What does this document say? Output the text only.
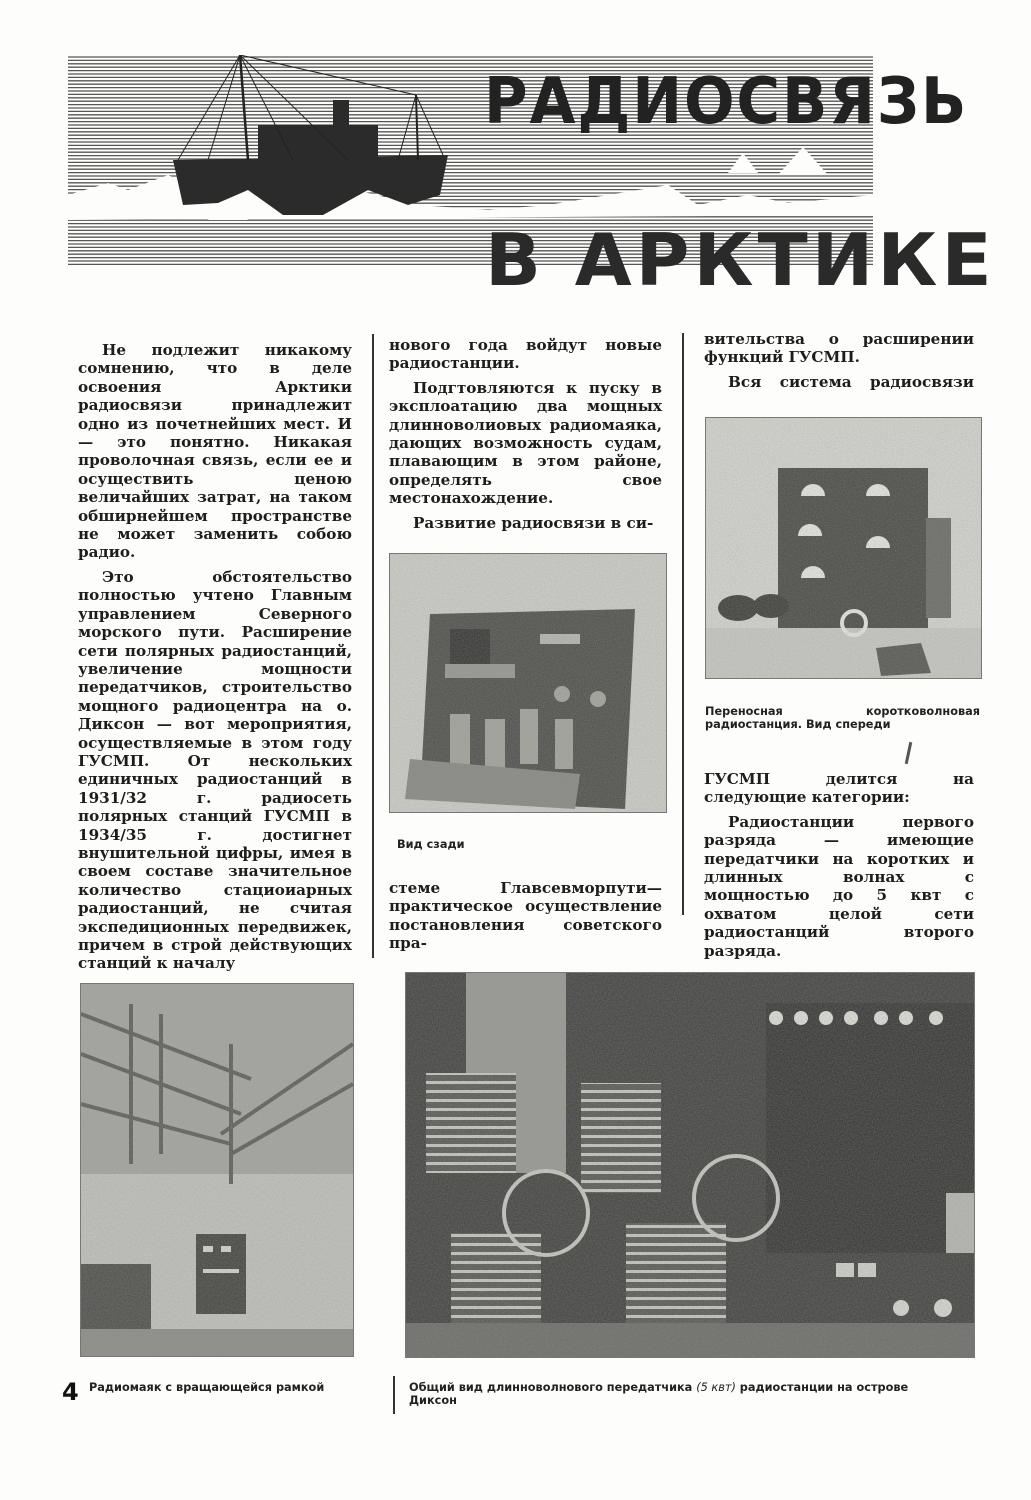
РАДИОСВЯЗЬ
В АРКТИКЕ

Не подлежит никакому сомнению, что в деле освоения Арктики радиосвязи принадлежит одно из почетнейших мест. И — это понятно. Никакая проволочная связь, если ее и осуществить ценою величайших затрат, на таком обширнейшем пространстве не может заменить собою радио.

Это обстоятельство полностью учтено Главным управлением Северного морского пути. Расширение сети полярных радиостанций, увеличение мощности передатчиков, строительство мощного радиоцентра на о. Диксон — вот мероприятия, осуществляемые в этом году ГУСМП. От нескольких единичных радиостанций в 1931/32 г. радиосеть полярных станций ГУСМП в 1934/35 г. достигнет внушительной цифры, имея в своем составе значительное количество стациоиарных радиостанций, не считая экспедиционных передвижек, причем в строй действующих станций к началу

нового года войдут новые радиостанции.

Подгтовляются к пуску в эксплоатацию два мощных длинноволиовых радиомаяка, дающих возможность судам, плавающим в этом районе, определять свое местонахождение.

Развитие радиосвязи в си-

Вид сзади

стеме Главсевморпути—практическое осуществление постановления советского пра-

вительства о расширении функций ГУСМП.

Вся система радиосвязи

Переносная коротковолновая радиостанция. Вид спереди

ГУСМП делится на следующие категории:

Радиостанции первого разряда — имеющие передатчики на коротких и длинных волнах с мощностью до 5 квт с охватом целой сети радиостанций второго разряда.

4 Радиомаяк с вращающейся рамкой	Общий вид длинноволнового передатчика (5 квт) радиостанции на острове Диксон
